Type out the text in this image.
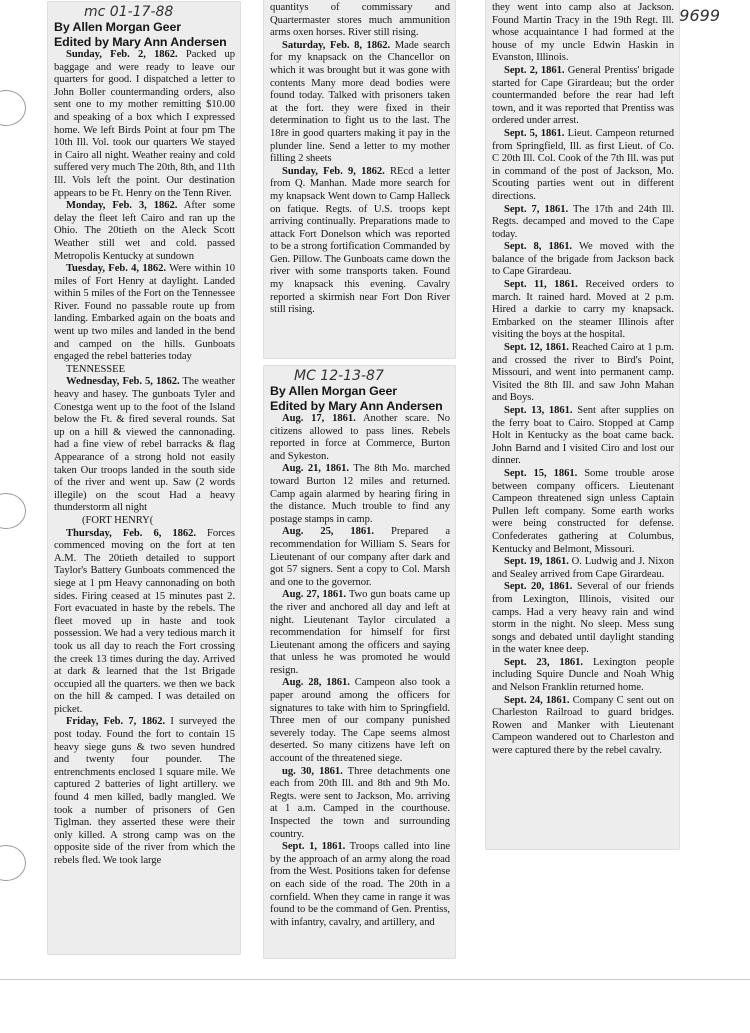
9699
mc 01-17-88
By Allen Morgan Geer
Edited by Mary Ann Andersen

Sunday, Feb. 2, 1862. Packed up baggage and were ready to leave our quarters for good. I dispatched a letter to John Boller countermanding orders, also sent one to my mother remitting $10.00 and speaking of a box which I expressed home. We left Birds Point at four pm The 10th Ill. Vol. took our quarters We stayed in Cairo all night. Weather reainy and cold suffered very much The 20th, 8th, and 11th Ill. Vols left the point. Our destination appears to be Ft. Henry on the Tenn River.

Monday, Feb. 3, 1862. After some delay the fleet left Cairo and ran up the Ohio. The 20tieth on the Aleck Scott Weather still wet and cold. passed Metropolis Kentucky at sundown

Tuesday, Feb. 4, 1862. Were within 10 miles of Fort Henry at daylight. Landed within 5 miles of the Fort on the Tennessee River. Found no passable route up from landing. Embarked again on the boats and went up two miles and landed in the bend and camped on the hills. Gunboats engaged the rebel batteries today

TENNESSEE

Wednesday, Feb. 5, 1862. The weather heavy and hasey. The gunboats Tyler and Conestga went up to the foot of the Island below the Ft. & fired several rounds. Sat up on a hill & viewed the cannonading. had a fine view of rebel barracks & flag Appearance of a strong hold not easily taken Our troops landed in the south side of the river and went up. Saw (2 words illegile) on the scout Had a heavy thunderstorm all night

(FORT HENRY(

Thursday, Feb. 6, 1862. Forces commenced moving on the fort at ten A.M. The 20tieth detailed to support Taylor's Battery Gunboats commenced the siege at 1 pm Heavy cannonading on both sides. Firing ceased at 15 minutes past 2. Fort evacuated in haste by the rebels. The fleet moved up in haste and took possession. We had a very tedious march it took us all day to reach the Fort crossing the creek 13 times during the day. Arrived at dark & learned that the 1st Brigade occupied all the quarters. we then we back on the hill & camped. I was detailed on picket.

Friday, Feb. 7, 1862. I surveyed the post today. Found the fort to contain 15 heavy siege guns & two seven hundred and twenty four pounder. The entrenchments enclosed 1 square mile. We captured 2 batteries of light artillery. we found 4 men killed, badly mangled. We took a number of prisoners of Gen Tiglman. they asserted these were their only killed. A strong camp was on the opposite side of the river from which the rebels fled. We took large

quantitys of commissary and Quartermaster stores much ammunition arms oxen horses. River still rising.

Saturday, Feb. 8, 1862. Made search for my knapsack on the Chancellor on which it was brought but it was gone with contents Many more dead bodies were found today. Talked with prisoners taken at the fort. they were fixed in their determination to fight us to the last. The 18re in good quarters making it pay in the plunder line. Send a letter to my mother filling 2 sheets

Sunday, Feb. 9, 1862. REcd a letter from Q. Manhan. Made more search for my knapsack Went down to Camp Halleck on fatique. Regts. of U.S. troops kept arriving continually. Preparations made to attack Fort Donelson which was reported to be a strong fortification Commanded by Gen. Pillow. The Gunboats came down the river with some transports taken. Found my knapsack this evening. Cavalry reported a skirmish near Fort Don River still rising.

MC 12-13-87
By Allen Morgan Geer
Edited by Mary Ann Andersen

Aug. 17, 1861. Another scare. No citizens allowed to pass lines. Rebels reported in force at Commerce, Burton and Sykeston.

Aug. 21, 1861. The 8th Mo. marched toward Burton 12 miles and returned. Camp again alarmed by hearing firing in the distance. Much trouble to find any postage stamps in camp.

Aug. 25, 1861. Prepared a recommendation for William S. Sears for Lieutenant of our company after dark and got 57 signers. Sent a copy to Col. Marsh and one to the governor.

Aug. 27, 1861. Two gun boats came up the river and anchored all day and left at night. Lieutenant Taylor circulated a recommendation for himself for first Lieutenant among the officers and saying that unless he was promoted he would resign.

Aug. 28, 1861. Campeon also took a paper around among the officers for signatures to take with him to Springfield. Three men of our company punished severely today. The Cape seems almost deserted. So many citizens have left on account of the threatened siege.

ug. 30, 1861. Three detachments one each from 20th Ill. and 8th and 9th Mo. Regts. were sent to Jackson, Mo. arriving at 1 a.m. Camped in the courthouse. Inspected the town and surrounding country.

Sept. 1, 1861. Troops called into line by the approach of an army along the road from the West. Positions taken for defense on each side of the road. The 20th in a cornfield. When they came in range it was found to be the command of Gen. Prentiss, with infantry, cavalry, and artillery, and

they went into camp also at Jackson. Found Martin Tracy in the 19th Regt. Ill. whose acquaintance I had formed at the house of my uncle Edwin Haskin in Evanston, Illinois.

Sept. 2, 1861. General Prentiss' brigade started for Cape Girardeau; but the order countermanded before the rear had left town, and it was reported that Prentiss was ordered under arrest.

Sept. 5, 1861. Lieut. Campeon returned from Springfield, Ill. as first Lieut. of Co. C 20th Ill. Col. Cook of the 7th Ill. was put in command of the post of Jackson, Mo. Scouting parties went out in different directions.

Sept. 7, 1861. The 17th and 24th Ill. Regts. decamped and moved to the Cape today.

Sept. 8, 1861. We moved with the balance of the brigade from Jackson back to Cape Girardeau.

Sept. 11, 1861. Received orders to march. It rained hard. Moved at 2 p.m. Hired a darkie to carry my knapsack. Embarked on the steamer Illinois after visiting the boys at the hospital.

Sept. 12, 1861. Reached Cairo at 1 p.m. and crossed the river to Bird's Point, Missouri, and went into permanent camp. Visited the 8th Ill. and saw John Mahan and Boys.

Sept. 13, 1861. Sent after supplies on the ferry boat to Cairo. Stopped at Camp Holt in Kentucky as the boat came back. John Barnd and I visited Ciro and lost our dinner.

Sept. 15, 1861. Some trouble arose between company officers. Lieutenant Campeon threatened sign unless Captain Pullen left company. Some earth works were being constructed for defense. Confederates gathering at Columbus, Kentucky and Belmont, Missouri.

Sept. 19, 1861. O. Ludwig and J. Nixon and Sealey arrived from Cape Girardeau.

Sept. 20, 1861. Several of our friends from Lexington, Illinois, visited our camps. Had a very heavy rain and wind storm in the night. No sleep. Mess sung songs and debated until daylight standing in the water knee deep.

Sept. 23, 1861. Lexington people including Squire Duncle and Noah Whig and Nelson Franklin returned home.

Sept. 24, 1861. Company C sent out on Charleston Railroad to guard bridges. Rowen and Manker with Lieutenant Campeon wandered out to Charleston and were captured there by the rebel cavalry.
